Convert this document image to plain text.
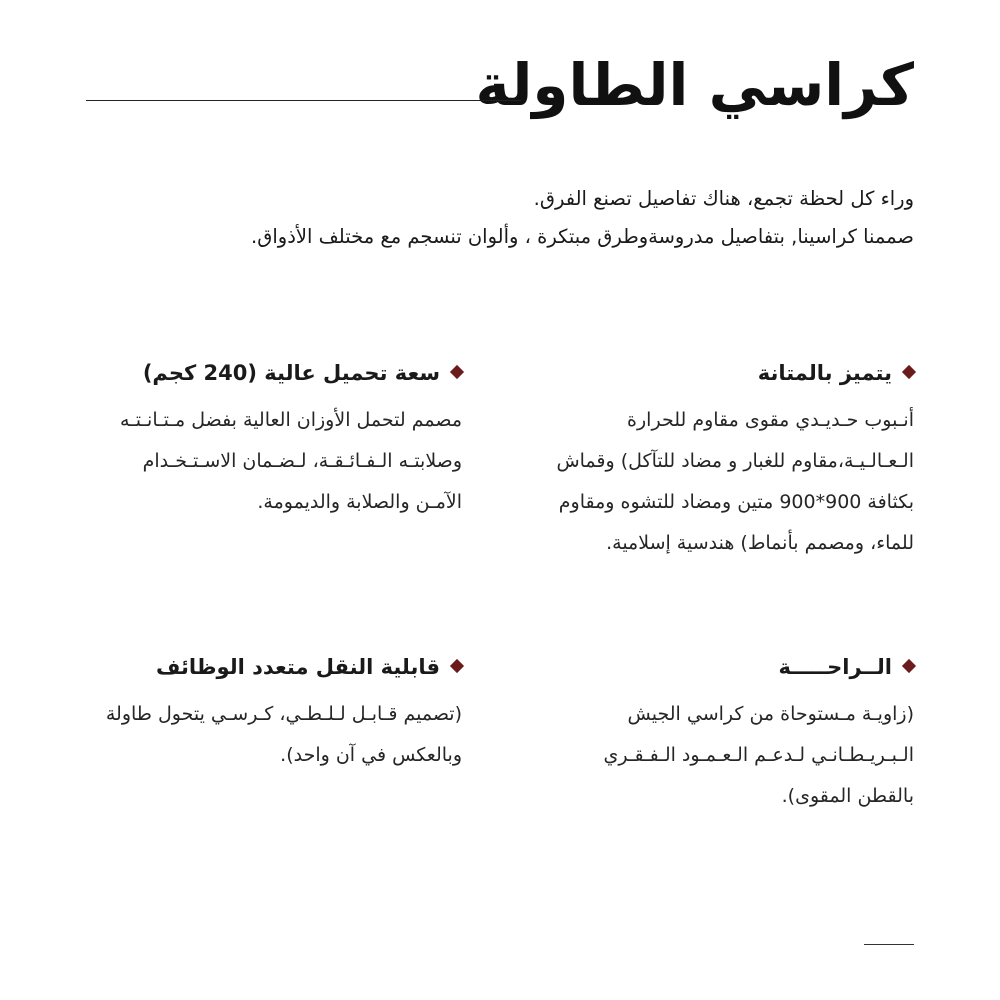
كراسي الطاولة

وراء كل لحظة تجمع، هناك تفاصيل تصنع الفرق.

صممنا كراسينا, بتفاصيل مدروسةوطرق مبتكرة ، وألوان تنسجم مع مختلف الأذواق.

يتميز بالمتانة

أنـبوب حـديـدي مقوى مقاوم للحرارة الـعـالـيـة،مقاوم للغبار و مضاد للتآكل) وقماش بكثافة 900*900 متين ومضاد للتشوه ومقاوم للماء، ومصمم بأنماط) هندسية إسلامية.

سعة تحميل عالية (240 كجم)

مصمم لتحمل الأوزان العالية بفضل مـتـانـتـه وصلابتـه الـفـائـقـة، لـضـمان الاسـتـخـدام الآمـن والصلابة والديمومة.

الــراحـــــة

(زاويـة مـستوحاة من كراسي الجيش الـبـريـطـانـي لـدعـم الـعـمـود الـفـقـري بالقطن المقوى).

قابلية النقل متعدد الوظائف

(تصميم قـابـل لـلـطـي، كـرسـي يتحول طاولة وبالعكس في آن واحد).
